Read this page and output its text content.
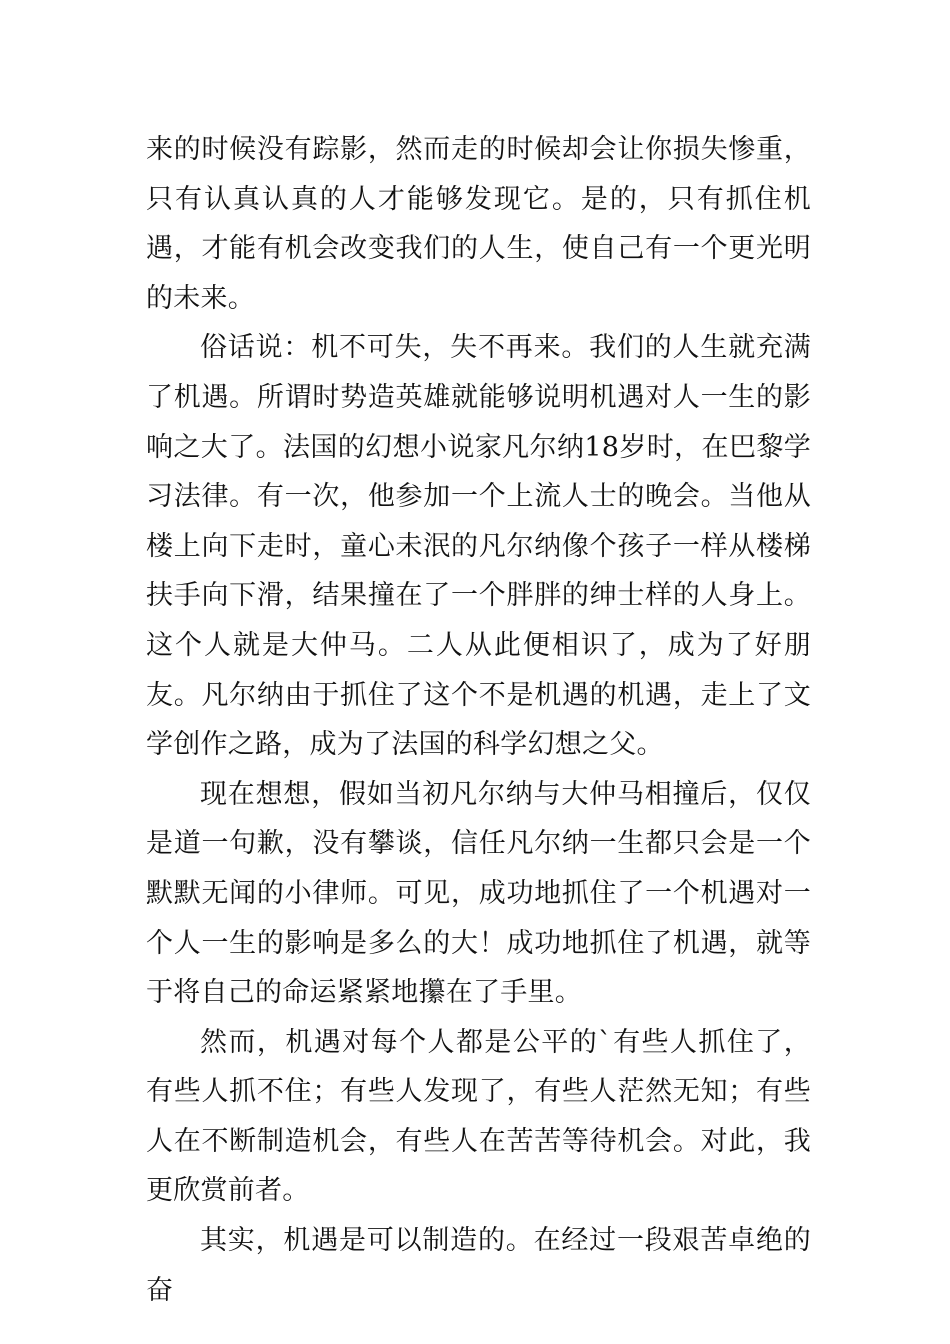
来的时候没有踪影，然而走的时候却会让你损失惨重，只有认真认真的人才能够发现它。是的，只有抓住机遇，才能有机会改变我们的人生，使自己有一个更光明的未来。

俗话说：机不可失，失不再来。我们的人生就充满了机遇。所谓时势造英雄就能够说明机遇对人一生的影响之大了。法国的幻想小说家凡尔纳18岁时，在巴黎学习法律。有一次，他参加一个上流人士的晚会。当他从楼上向下走时，童心未泯的凡尔纳像个孩子一样从楼梯扶手向下滑，结果撞在了一个胖胖的绅士样的人身上。这个人就是大仲马。二人从此便相识了，成为了好朋友。凡尔纳由于抓住了这个不是机遇的机遇，走上了文学创作之路，成为了法国的科学幻想之父。

现在想想，假如当初凡尔纳与大仲马相撞后，仅仅是道一句歉，没有攀谈，信任凡尔纳一生都只会是一个默默无闻的小律师。可见，成功地抓住了一个机遇对一个人一生的影响是多么的大！成功地抓住了机遇，就等于将自己的命运紧紧地攥在了手里。

然而，机遇对每个人都是公平的`有些人抓住了，有些人抓不住；有些人发现了，有些人茫然无知；有些人在不断制造机会，有些人在苦苦等待机会。对此，我更欣赏前者。

其实，机遇是可以制造的。在经过一段艰苦卓绝的奋
